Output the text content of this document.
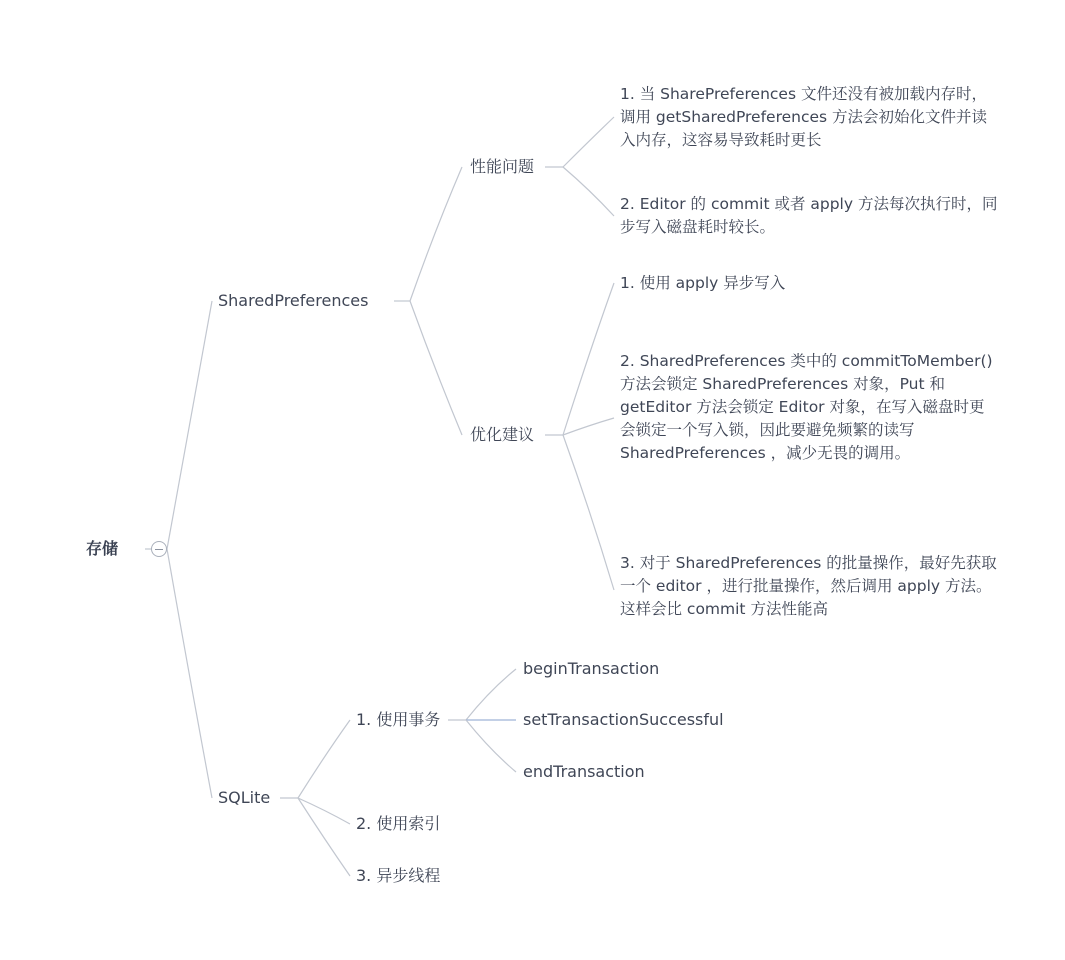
存储
SharedPreferences
性能问题
优化建议
1. 当 SharePreferences 文件还没有被加载内存时，调用 getSharedPreferences 方法会初始化文件并读入内存，这容易导致耗时更长
2. Editor 的 commit 或者 apply 方法每次执行时，同步写入磁盘耗时较长。
1. 使用 apply 异步写入
2. SharedPreferences 类中的 commitToMember() 方法会锁定 SharedPreferences 对象，Put 和 getEditor 方法会锁定 Editor 对象，在写入磁盘时更会锁定一个写入锁，因此要避免频繁的读写 SharedPreferences ，减少无畏的调用。
3. 对于 SharedPreferences 的批量操作，最好先获取一个 editor ，进行批量操作，然后调用 apply 方法。这样会比 commit 方法性能高
SQLite
1. 使用事务
2. 使用索引
3. 异步线程
beginTransaction
setTransactionSuccessful
endTransaction
